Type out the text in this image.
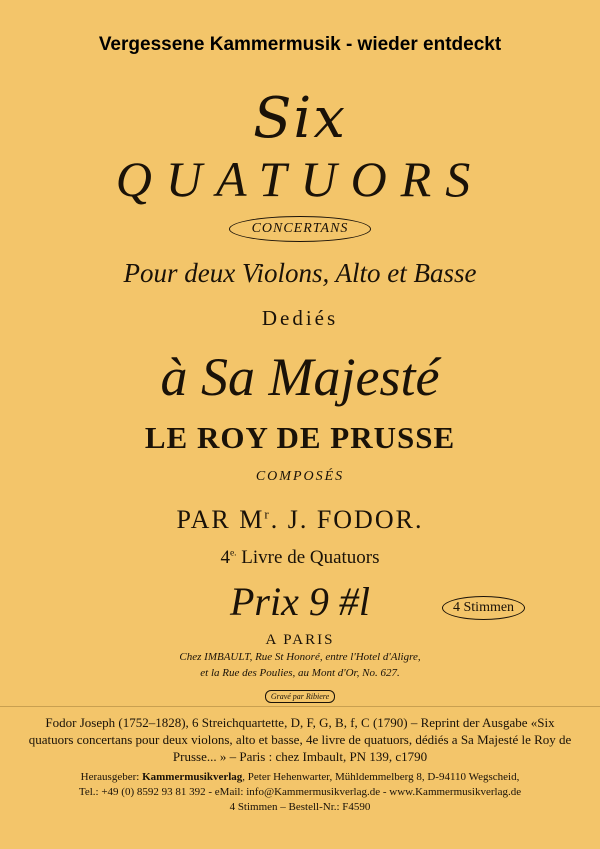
Vergessene Kammermusik - wieder entdeckt
Six
QUATUORS
CONCERTANS
Pour deux Violons, Alto et Basse
Dediés
à Sa Majesté
LE ROY DE PRUSSE
COMPOSÉS
PAR $M^r$. J. FODOR.
$4^{e.}$ Livre de Quatuors
Prix 9 #l	4 Stimmen
A PARIS
Chez IMBAULT, Rue St Honoré, entre l'Hotel d'Aligre,
et la Rue des Poulies, au Mont d'Or, No. 627.
Gravé par Ribiere
Fodor Joseph (1752–1828), 6 Streichquartette, D, F, G, B, f, C (1790) – Reprint der Ausgabe «Six quatuors concertans pour deux violons, alto et basse, 4e livre de quatuors, dédiés a Sa Majesté le Roy de Prusse... » – Paris : chez Imbault, PN 139, c1790
Herausgeber: Kammermusikverlag, Peter Hehenwarter, Mühldemmelberg 8, D-94110 Wegscheid,
Tel.: +49 (0) 8592 93 81 392 - eMail: info@Kammermusikverlag.de - www.Kammermusikverlag.de
4 Stimmen – Bestell-Nr.: F4590
